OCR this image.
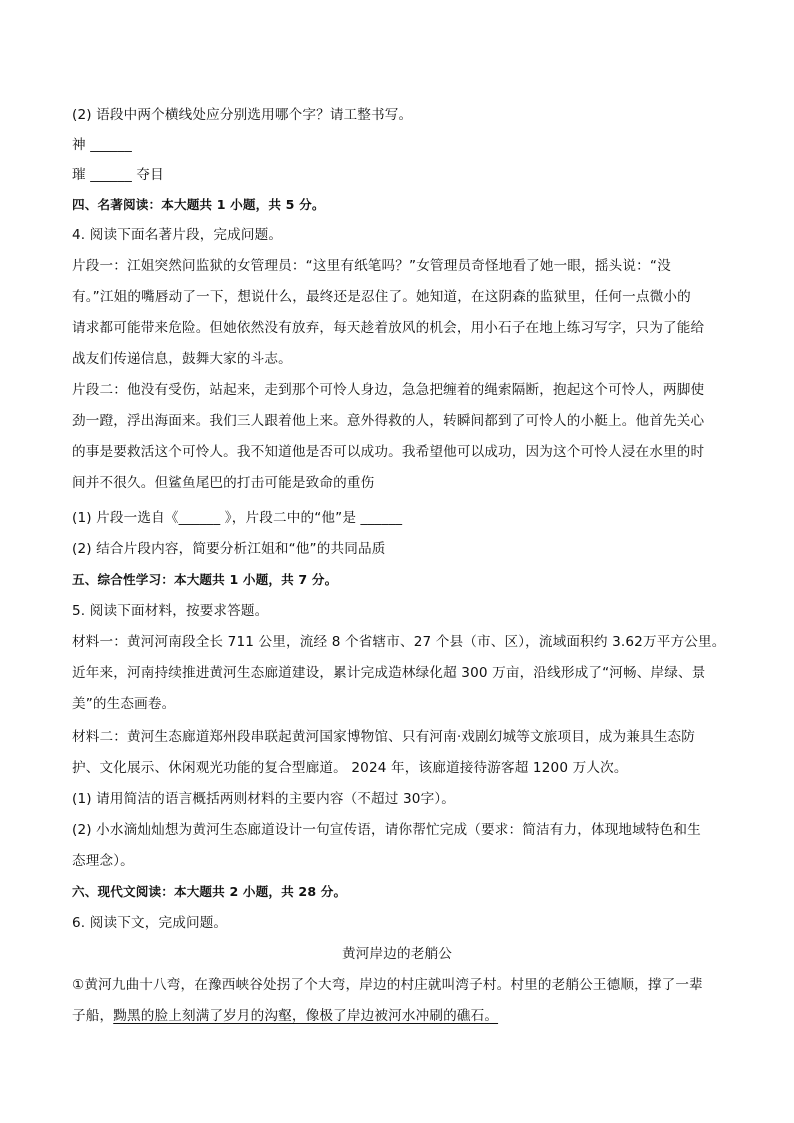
(2) 语段中两个横线处应分别选用哪个字？请工整书写。
神 ______
璀 ______ 夺目
四、名著阅读：本大题共 1 小题，共 5 分。
4. 阅读下面名著片段，完成问题。
片段一：江姐突然问监狱的女管理员：“这里有纸笔吗？”女管理员奇怪地看了她一眼，摇头说：“没
有。”江姐的嘴唇动了一下，想说什么，最终还是忍住了。她知道，在这阴森的监狱里，任何一点微小的
请求都可能带来危险。但她依然没有放弃，每天趁着放风的机会，用小石子在地上练习写字，只为了能给
战友们传递信息，鼓舞大家的斗志。
片段二：他没有受伤，站起来，走到那个可怜人身边，急急把缠着的绳索隔断，抱起这个可怜人，两脚使
劲一蹬，浮出海面来。我们三人跟着他上来。意外得救的人，转瞬间都到了可怜人的小艇上。他首先关心
的事是要救活这个可怜人。我不知道他是否可以成功。我希望他可以成功，因为这个可怜人浸在水里的时
间并不很久。但鲨鱼尾巴的打击可能是致命的重伤
(1) 片段一选自《______ 》，片段二中的“他”是 ______
(2) 结合片段内容，简要分析江姐和“他”的共同品质
五、综合性学习：本大题共 1 小题，共 7 分。
5. 阅读下面材料，按要求答题。
材料一：黄河河南段全长 711 公里，流经 8 个省辖市、27 个县（市、区），流域面积约 3.62万平方公里。
近年来，河南持续推进黄河生态廊道建设，累计完成造林绿化超 300 万亩，沿线形成了“河畅、岸绿、景
美”的生态画卷。
材料二：黄河生态廊道郑州段串联起黄河国家博物馆、只有河南·戏剧幻城等文旅项目，成为兼具生态防
护、文化展示、休闲观光功能的复合型廊道。 2024 年，该廊道接待游客超 1200 万人次。
(1) 请用简洁的语言概括两则材料的主要内容（不超过 30字）。
(2) 小水滴灿灿想为黄河生态廊道设计一句宣传语，请你帮忙完成（要求：简洁有力，体现地域特色和生
态理念）。
六、现代文阅读：本大题共 2 小题，共 28 分。
6. 阅读下文，完成问题。
黄河岸边的老艄公
①黄河九曲十八弯，在豫西峡谷处拐了个大弯，岸边的村庄就叫湾子村。村里的老艄公王德顺，撑了一辈
子船，黝黑的脸上刻满了岁月的沟壑，像极了岸边被河水冲刷的礁石。
